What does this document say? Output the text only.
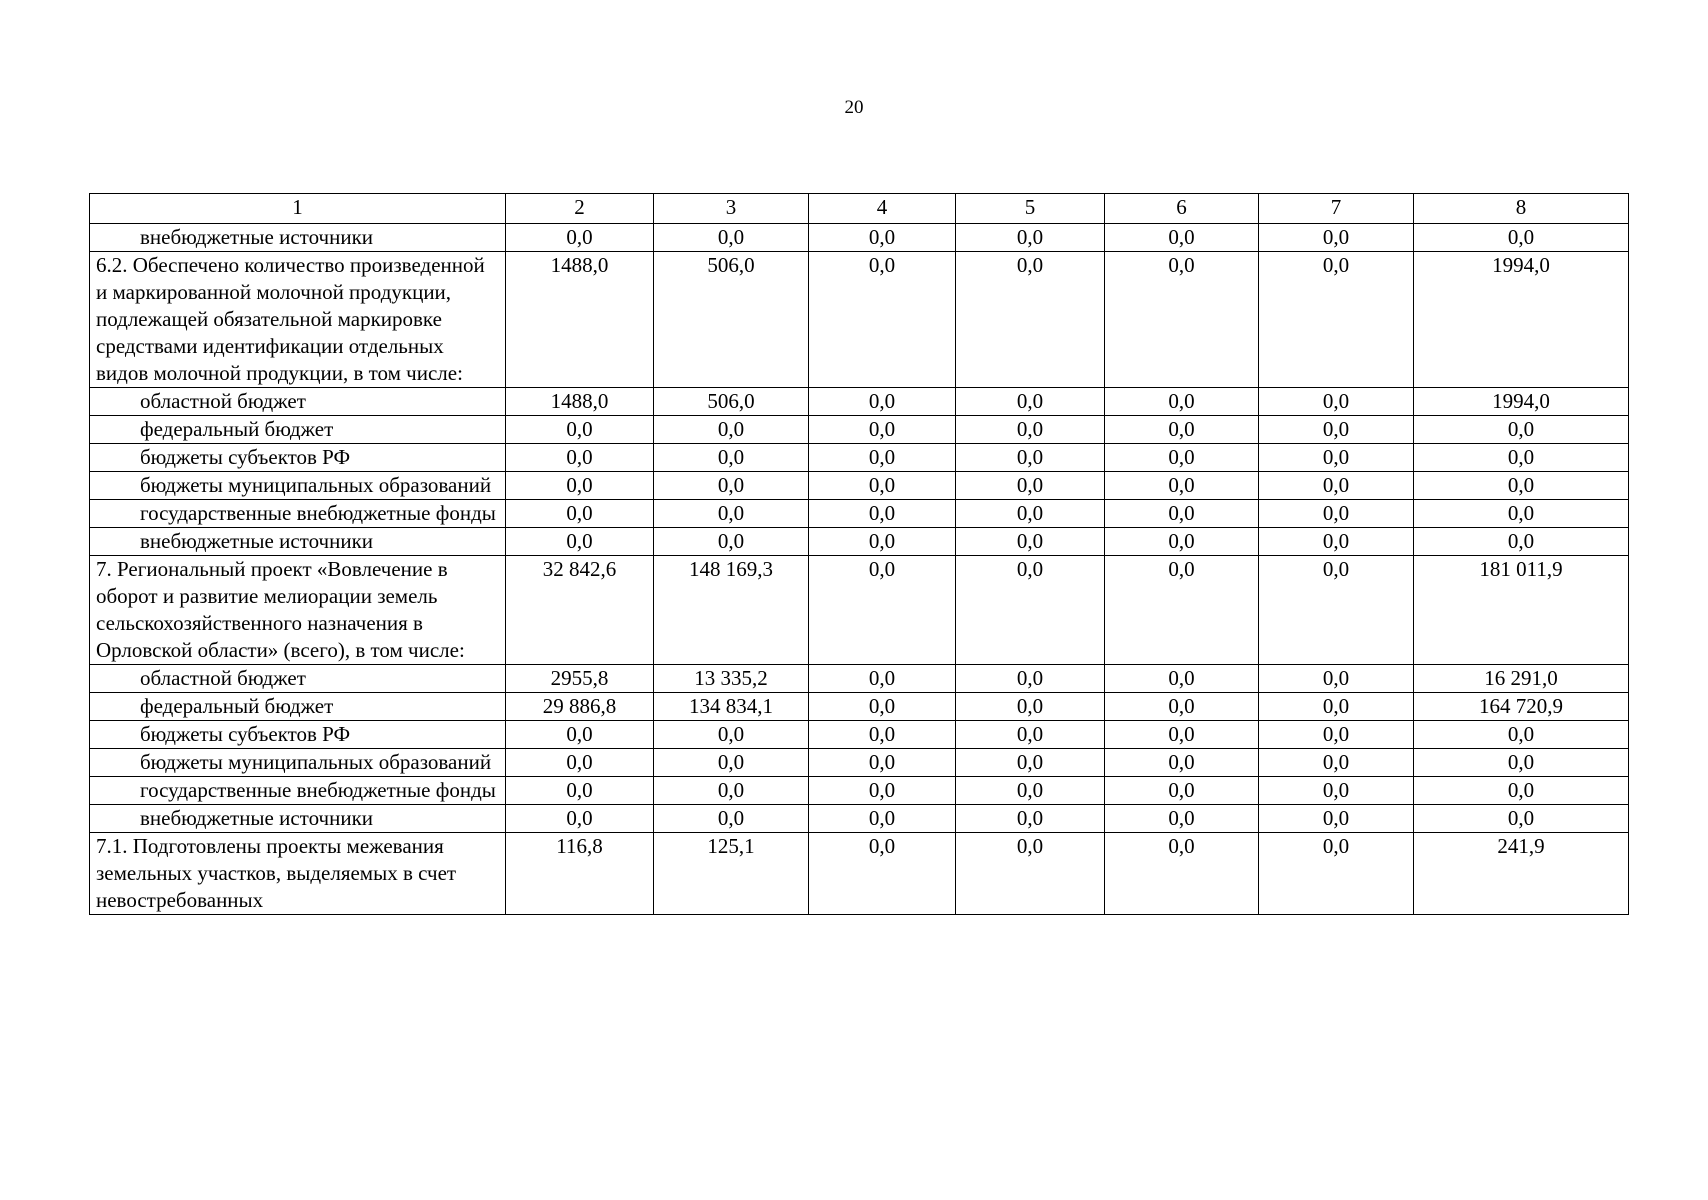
20
1	2	3	4	5	6	7	8
внебюджетные источники	0,0	0,0	0,0	0,0	0,0	0,0	0,0
6.2. Обеспечено количество произведенной и маркированной молочной продукции, подлежащей обязательной маркировке средствами идентификации отдельных видов молочной продукции, в том числе:	1488,0	506,0	0,0	0,0	0,0	0,0	1994,0
областной бюджет	1488,0	506,0	0,0	0,0	0,0	0,0	1994,0
федеральный бюджет	0,0	0,0	0,0	0,0	0,0	0,0	0,0
бюджеты субъектов РФ	0,0	0,0	0,0	0,0	0,0	0,0	0,0
бюджеты муниципальных образований	0,0	0,0	0,0	0,0	0,0	0,0	0,0
государственные внебюджетные фонды	0,0	0,0	0,0	0,0	0,0	0,0	0,0
внебюджетные источники	0,0	0,0	0,0	0,0	0,0	0,0	0,0
7. Региональный проект «Вовлечение в оборот и развитие мелиорации земель сельскохозяйственного назначения в Орловской области» (всего), в том числе:	32 842,6	148 169,3	0,0	0,0	0,0	0,0	181 011,9
областной бюджет	2955,8	13 335,2	0,0	0,0	0,0	0,0	16 291,0
федеральный бюджет	29 886,8	134 834,1	0,0	0,0	0,0	0,0	164 720,9
бюджеты субъектов РФ	0,0	0,0	0,0	0,0	0,0	0,0	0,0
бюджеты муниципальных образований	0,0	0,0	0,0	0,0	0,0	0,0	0,0
государственные внебюджетные фонды	0,0	0,0	0,0	0,0	0,0	0,0	0,0
внебюджетные источники	0,0	0,0	0,0	0,0	0,0	0,0	0,0
7.1. Подготовлены проекты межевания земельных участков, выделяемых в счет невостребованных	116,8	125,1	0,0	0,0	0,0	0,0	241,9
